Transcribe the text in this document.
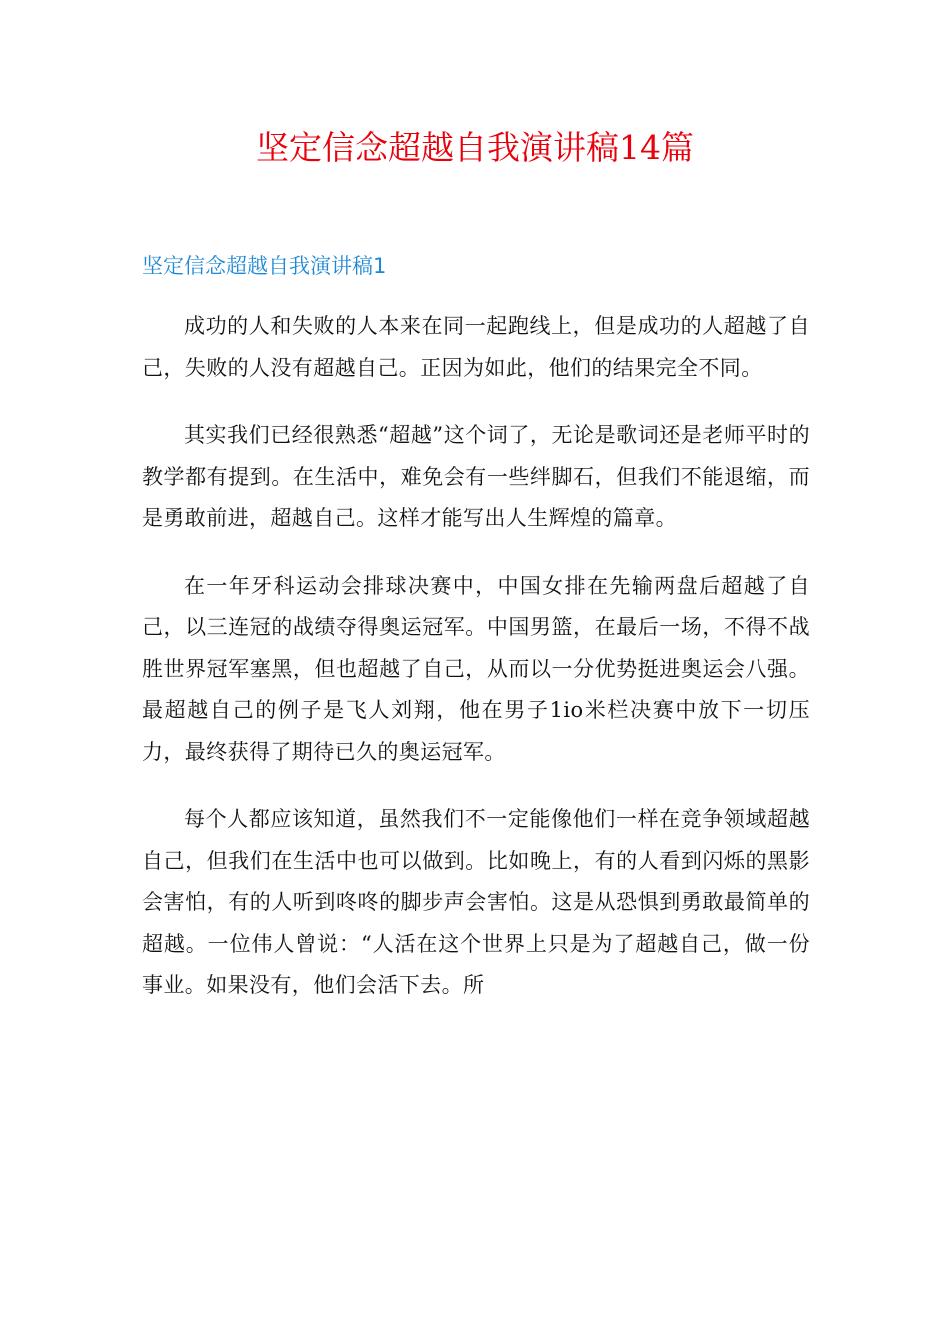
坚定信念超越自我演讲稿14篇
坚定信念超越自我演讲稿1

成功的人和失败的人本来在同一起跑线上，但是成功的人超越了自己，失败的人没有超越自己。正因为如此，他们的结果完全不同。

其实我们已经很熟悉“超越”这个词了，无论是歌词还是老师平时的教学都有提到。在生活中，难免会有一些绊脚石，但我们不能退缩，而是勇敢前进，超越自己。这样才能写出人生辉煌的篇章。

在一年牙科运动会排球决赛中，中国女排在先输两盘后超越了自己，以三连冠的战绩夺得奥运冠军。中国男篮，在最后一场，不得不战胜世界冠军塞黑，但也超越了自己，从而以一分优势挺进奥运会八强。最超越自己的例子是飞人刘翔，他在男子1io米栏决赛中放下一切压力，最终获得了期待已久的奥运冠军。

每个人都应该知道，虽然我们不一定能像他们一样在竞争领域超越自己，但我们在生活中也可以做到。比如晚上，有的人看到闪烁的黑影会害怕，有的人听到咚咚的脚步声会害怕。这是从恐惧到勇敢最简单的超越。一位伟人曾说：“人活在这个世界上只是为了超越自己，做一份事业。如果没有，他们会活下去。所
